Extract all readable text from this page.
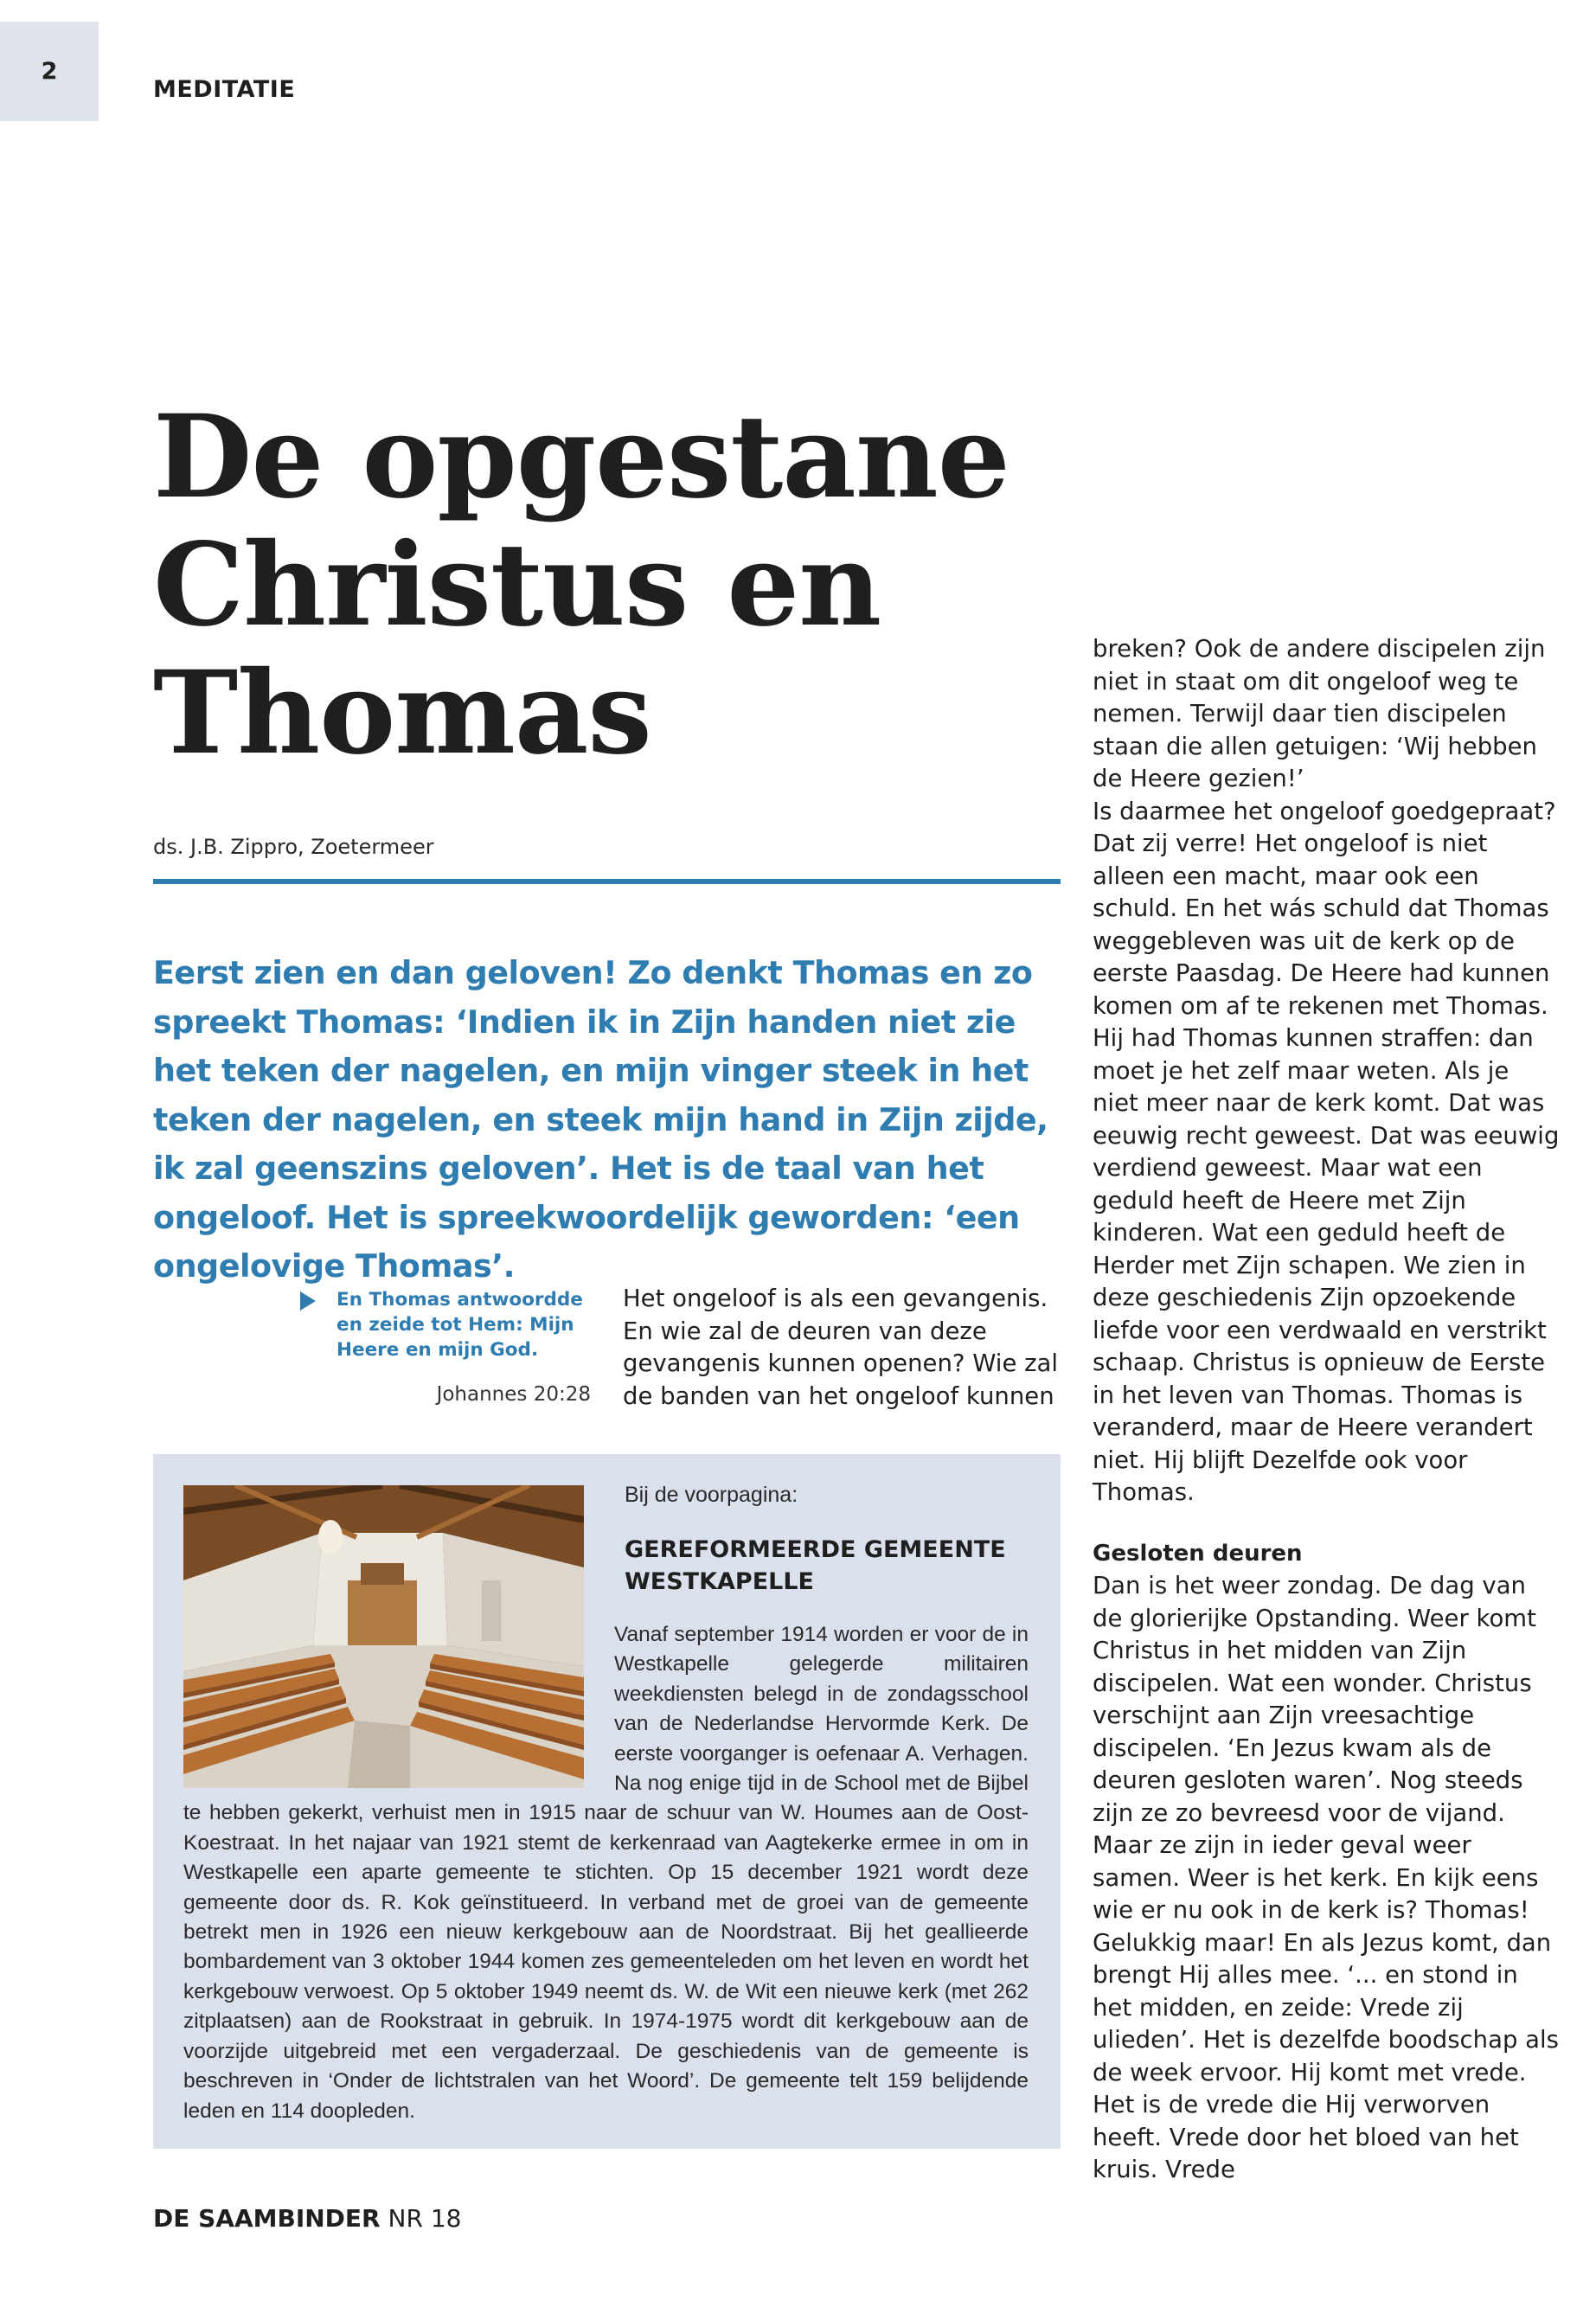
2
MEDITATIE
De opgestane
Christus en
Thomas
ds. J.B. Zippro, Zoetermeer
Eerst zien en dan geloven! Zo denkt Thomas en zo spreekt Thomas: ‘Indien ik in Zijn handen niet zie het teken der nagelen, en mijn vinger steek in het teken der nagelen, en steek mijn hand in Zijn zijde, ik zal geenszins geloven’. Het is de taal van het ongeloof. Het is spreekwoordelijk geworden: ‘een ongelovige Thomas’.
En Thomas antwoordde en zeide tot Hem: Mijn Heere en mijn God.
Johannes 20:28
Het ongeloof is als een gevangenis. En wie zal de deuren van deze gevangenis kunnen openen? Wie zal de banden van het ongeloof kunnen

breken? Ook de andere discipelen zijn niet in staat om dit ongeloof weg te nemen. Terwijl daar tien discipelen staan die allen getuigen: ‘Wij hebben de Heere gezien!’

Is daarmee het ongeloof goedgepraat? Dat zij verre! Het ongeloof is niet alleen een macht, maar ook een schuld. En het wás schuld dat Thomas weggebleven was uit de kerk op de eerste Paasdag. De Heere had kunnen komen om af te rekenen met Thomas. Hij had Thomas kunnen straffen: dan moet je het zelf maar weten. Als je niet meer naar de kerk komt. Dat was eeuwig recht geweest. Dat was eeuwig verdiend geweest. Maar wat een geduld heeft de Heere met Zijn kinderen. Wat een geduld heeft de Herder met Zijn schapen. We zien in deze geschiedenis Zijn opzoekende liefde voor een verdwaald en verstrikt schaap. Christus is opnieuw de Eerste in het leven van Thomas. Thomas is veranderd, maar de Heere verandert niet. Hij blijft Dezelfde ook voor Thomas.

Gesloten deuren

Dan is het weer zondag. De dag van de glorierijke Opstanding. Weer komt Christus in het midden van Zijn discipelen. Wat een wonder. Christus verschijnt aan Zijn vreesachtige discipelen. ‘En Jezus kwam als de deuren gesloten waren’. Nog steeds zijn ze zo bevreesd voor de vijand. Maar ze zijn in ieder geval weer samen. Weer is het kerk. En kijk eens wie er nu ook in de kerk is? Thomas! Gelukkig maar! En als Jezus komt, dan brengt Hij alles mee. ‘... en stond in het midden, en zeide: Vrede zij ulieden’. Het is dezelfde boodschap als de week ervoor. Hij komt met vrede. Het is de vrede die Hij verworven heeft. Vrede door het bloed van het kruis. Vrede

Bij de voorpagina:
GEREFORMEERDE GEMEENTE WESTKAPELLE
Vanaf september 1914 worden er voor de in Westkapelle gelegerde militairen weekdiensten belegd in de zondagsschool van de Nederlandse Hervormde Kerk. De eerste voorganger is oefenaar A. Verhagen. Na nog enige tijd in de School met de Bijbel te hebben gekerkt, verhuist men in 1915 naar de schuur van W. Houmes aan de Oost-Koestraat. In het najaar van 1921 stemt de kerkenraad van Aagtekerke ermee in om in Westkapelle een aparte gemeente te stichten. Op 15 december 1921 wordt deze gemeente door ds. R. Kok geïnstitueerd. In verband met de groei van de gemeente betrekt men in 1926 een nieuw kerkgebouw aan de Noordstraat. Bij het geallieerde bombardement van 3 oktober 1944 komen zes gemeenteleden om het leven en wordt het kerkgebouw verwoest. Op 5 oktober 1949 neemt ds. W. de Wit een nieuwe kerk (met 262 zitplaatsen) aan de Rookstraat in gebruik. In 1974-1975 wordt dit kerkgebouw aan de voorzijde uitgebreid met een vergaderzaal. De geschiedenis van de gemeente is beschreven in ‘Onder de lichtstralen van het Woord’. De gemeente telt 159 belijdende leden en 114 doopleden.
DE SAAMBINDER NR 18
